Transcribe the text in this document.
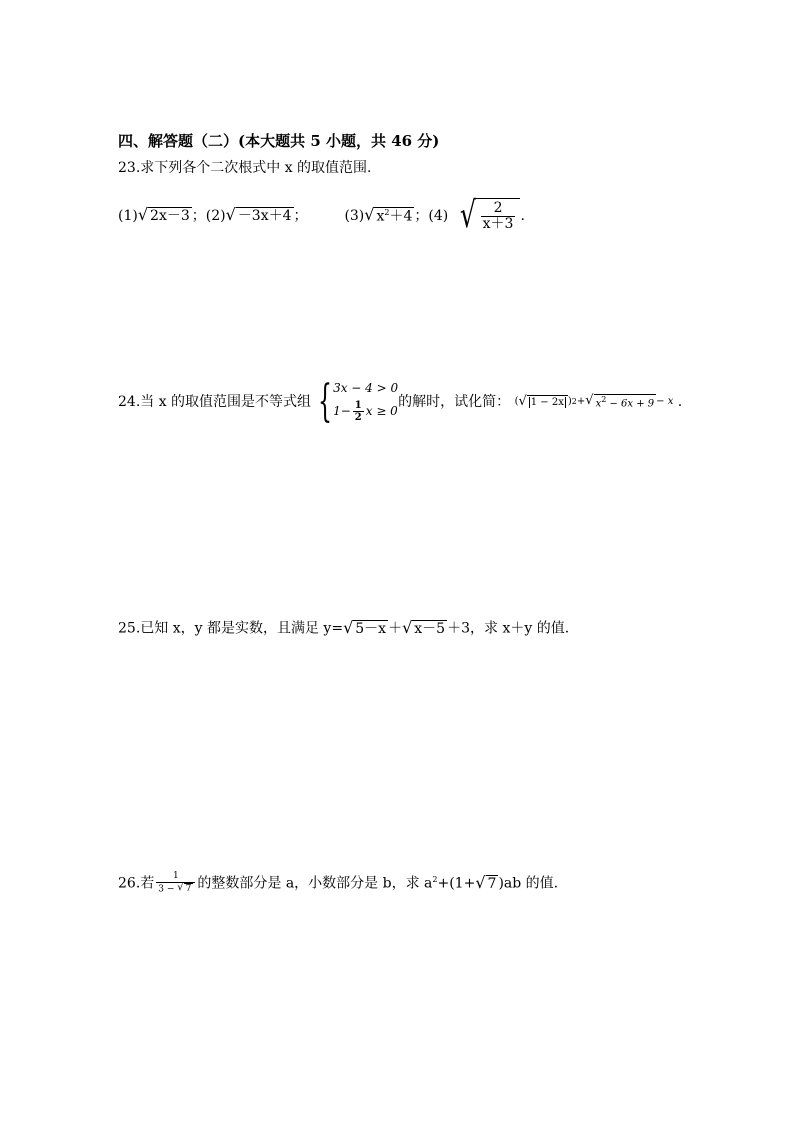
四、解答题（二）(本大题共 5 小题，共 46 分)
23.求下列各个二次根式中 x 的取值范围.
(1) √ 2x－3 ；(2) √ －3x＋4 ；	(3) √ $x^2+4$ ；(4) √ $\frac{2}{x+3}$ .
24.当 x 的取值范围是不等式组 { 3x − 4 > 0
$1- \frac{1}{2}$ x ≥ 0
的解时，试化简： ( √ 1 − 2x ) 2 + √ $x^2 - 6x + 9 - x$ .
25.已知 x，y 都是实数，且满足 y= √ 5－x ＋ √ x－5 ＋3，求 x＋y 的值.
26.若 $\frac{1}{3 - √ 7}$ 的整数部分是 a，小数部分是 b，求 $a^2+(1+$ √ 7 )ab 的值.
